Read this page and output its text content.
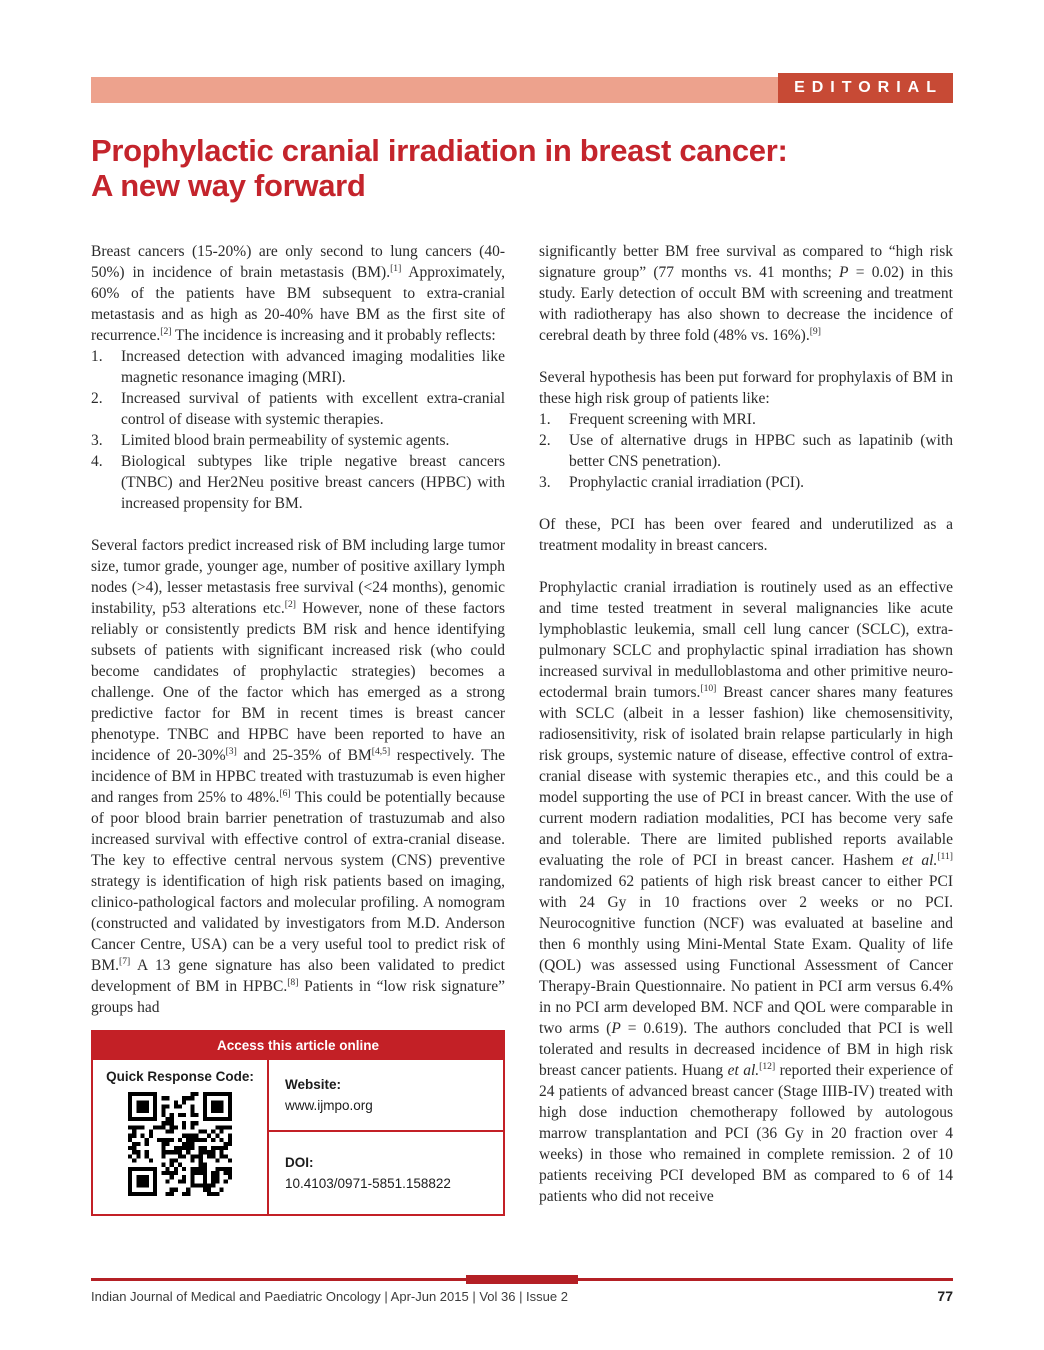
EDITORIAL
Prophylactic cranial irradiation in breast cancer:
A new way forward

Breast cancers (15-20%) are only second to lung cancers (40-50%) in incidence of brain metastasis (BM).[1] Approximately, 60% of the patients have BM subsequent to extra-cranial metastasis and as high as 20-40% have BM as the first site of recurrence.[2] The incidence is increasing and it probably reflects:

1.	Increased detection with advanced imaging modalities like magnetic resonance imaging (MRI).
2.	Increased survival of patients with excellent extra-cranial control of disease with systemic therapies.
3.	Limited blood brain permeability of systemic agents.
4.	Biological subtypes like triple negative breast cancers (TNBC) and Her2Neu positive breast cancers (HPBC) with increased propensity for BM.

Several factors predict increased risk of BM including large tumor size, tumor grade, younger age, number of positive axillary lymph nodes (>4), lesser metastasis free survival (<24 months), genomic instability, p53 alterations etc.[2] However, none of these factors reliably or consistently predicts BM risk and hence identifying subsets of patients with significant increased risk (who could become candidates of prophylactic strategies) becomes a challenge. One of the factor which has emerged as a strong predictive factor for BM in recent times is breast cancer phenotype. TNBC and HPBC have been reported to have an incidence of 20-30%[3] and 25-35% of BM[4,5] respectively. The incidence of BM in HPBC treated with trastuzumab is even higher and ranges from 25% to 48%.[6] This could be potentially because of poor blood brain barrier penetration of trastuzumab and also increased survival with effective control of extra-cranial disease. The key to effective central nervous system (CNS) preventive strategy is identification of high risk patients based on imaging, clinico-pathological factors and molecular profiling. A nomogram (constructed and validated by investigators from M.D. Anderson Cancer Centre, USA) can be a very useful tool to predict risk of BM.[7] A 13 gene signature has also been validated to predict development of BM in HPBC.[8] Patients in “low risk signature” groups had

Access this article online
Quick Response Code:
Website:
www.ijmpo.org
DOI:
10.4103/0971-5851.158822

significantly better BM free survival as compared to “high risk signature group” (77 months vs. 41 months; P = 0.02) in this study. Early detection of occult BM with screening and treatment with radiotherapy has also shown to decrease the incidence of cerebral death by three fold (48% vs. 16%).[9]

Several hypothesis has been put forward for prophylaxis of BM in these high risk group of patients like:

1.	Frequent screening with MRI.
2.	Use of alternative drugs in HPBC such as lapatinib (with better CNS penetration).
3.	Prophylactic cranial irradiation (PCI).

Of these, PCI has been over feared and underutilized as a treatment modality in breast cancers.

Prophylactic cranial irradiation is routinely used as an effective and time tested treatment in several malignancies like acute lymphoblastic leukemia, small cell lung cancer (SCLC), extra-pulmonary SCLC and prophylactic spinal irradiation has shown increased survival in medulloblastoma and other primitive neuro-ectodermal brain tumors.[10] Breast cancer shares many features with SCLC (albeit in a lesser fashion) like chemosensitivity, radiosensitivity, risk of isolated brain relapse particularly in high risk groups, systemic nature of disease, effective control of extra-cranial disease with systemic therapies etc., and this could be a model supporting the use of PCI in breast cancer. With the use of current modern radiation modalities, PCI has become very safe and tolerable. There are limited published reports available evaluating the role of PCI in breast cancer. Hashem et al.[11] randomized 62 patients of high risk breast cancer to either PCI with 24 Gy in 10 fractions over 2 weeks or no PCI. Neurocognitive function (NCF) was evaluated at baseline and then 6 monthly using Mini-Mental State Exam. Quality of life (QOL) was assessed using Functional Assessment of Cancer Therapy-Brain Questionnaire. No patient in PCI arm versus 6.4% in no PCI arm developed BM. NCF and QOL were comparable in two arms (P = 0.619). The authors concluded that PCI is well tolerated and results in decreased incidence of BM in high risk breast cancer patients. Huang et al.[12] reported their experience of 24 patients of advanced breast cancer (Stage IIIB-IV) treated with high dose induction chemotherapy followed by autologous marrow transplantation and PCI (36 Gy in 20 fraction over 4 weeks) in those who remained in complete remission. 2 of 10 patients receiving PCI developed BM as compared to 6 of 14 patients who did not receive

Indian Journal of Medical and Paediatric Oncology | Apr-Jun 2015 | Vol 36 | Issue 2	77
